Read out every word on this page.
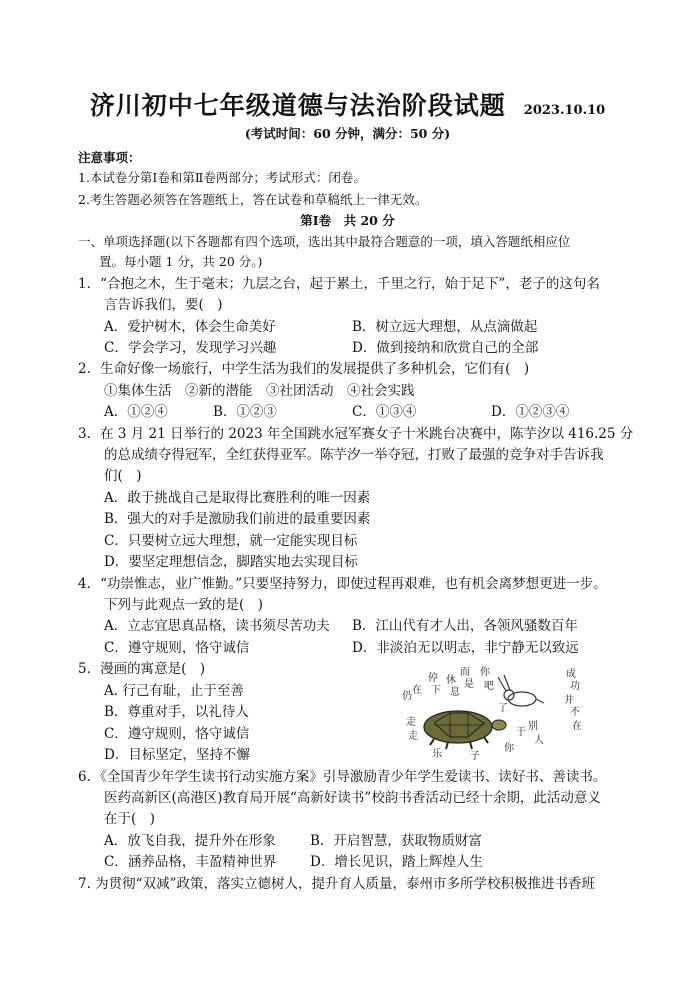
济川初中七年级道德与法治阶段试题 2023.10.10
(考试时间：60 分钟，满分：50 分)
注意事项：
1.本试卷分第Ⅰ卷和第Ⅱ卷两部分；考试形式：闭卷。
2.考生答题必须答在答题纸上，答在试卷和草稿纸上一律无效。
第Ⅰ卷　共 20 分
一、单项选择题(以下各题都有四个选项，选出其中最符合题意的一项，填入答题纸相应位
置。每小题 1 分，共 20 分。)
1．“合抱之木，生于毫末；九层之台，起于累土，千里之行，始于足下”，老子的这句名
言告诉我们，要(　)
A．爱护树木，体会生命美好	B．树立远大理想，从点滴做起
C．学会学习，发现学习兴趣	D．做到接纳和欣赏自己的全部
2．生命好像一场旅行，中学生活为我们的发展提供了多种机会，它们有(　)
①集体生活　②新的潜能　③社团活动　④社会实践
A．①②④	B．①②③	C．①③④	D．①②③④
3．在 3 月 21 日举行的 2023 年全国跳水冠军赛女子十米跳台决赛中，陈芋汐以 416.25 分
的总成绩夺得冠军，全红获得亚军。陈芋汐一举夺冠，打败了最强的竞争对手告诉我
们(　)
A．敢于挑战自己是取得比赛胜利的唯一因素
B．强大的对手是激励我们前进的最重要因素
C．只要树立远大理想，就一定能实现目标
D．要坚定理想信念，脚踏实地去实现目标
4．“功崇惟志，业广惟勤。”只要坚持努力，即使过程再艰难，也有机会离梦想更进一步。
下列与此观点一致的是(　)
A．立志宜思真品格，读书须尽苦功夫 B．江山代有才人出，各领风骚数百年
C．遵守规则，恪守诚信	D．非淡泊无以明志，非宁静无以致远
5．漫画的寓意是(　)
A. 行己有耻，止于至善
B．尊重对手，以礼待人
C．遵守规则，恪守诚信
D．目标坚定，坚持不懈
仍
在
停
下
休
息
而
是
你
吧
走
走
乐	子
你
于
别
人
成
功
并
不
在
了
6．《全国青少年学生读书行动实施方案》引导激励青少年学生爱读书、读好书、善读书。
医药高新区(高港区)教育局开展“高新好读书”校韵书香活动已经十余期，此活动意义
在于(　)
A．放飞自我，提升外在形象	B．开启智慧，获取物质财富
C．涵养品格，丰盈精神世界 D．增长见识，踏上辉煌人生
7. 为贯彻“双减”政策，落实立德树人，提升育人质量，泰州市多所学校积极推进书香班
